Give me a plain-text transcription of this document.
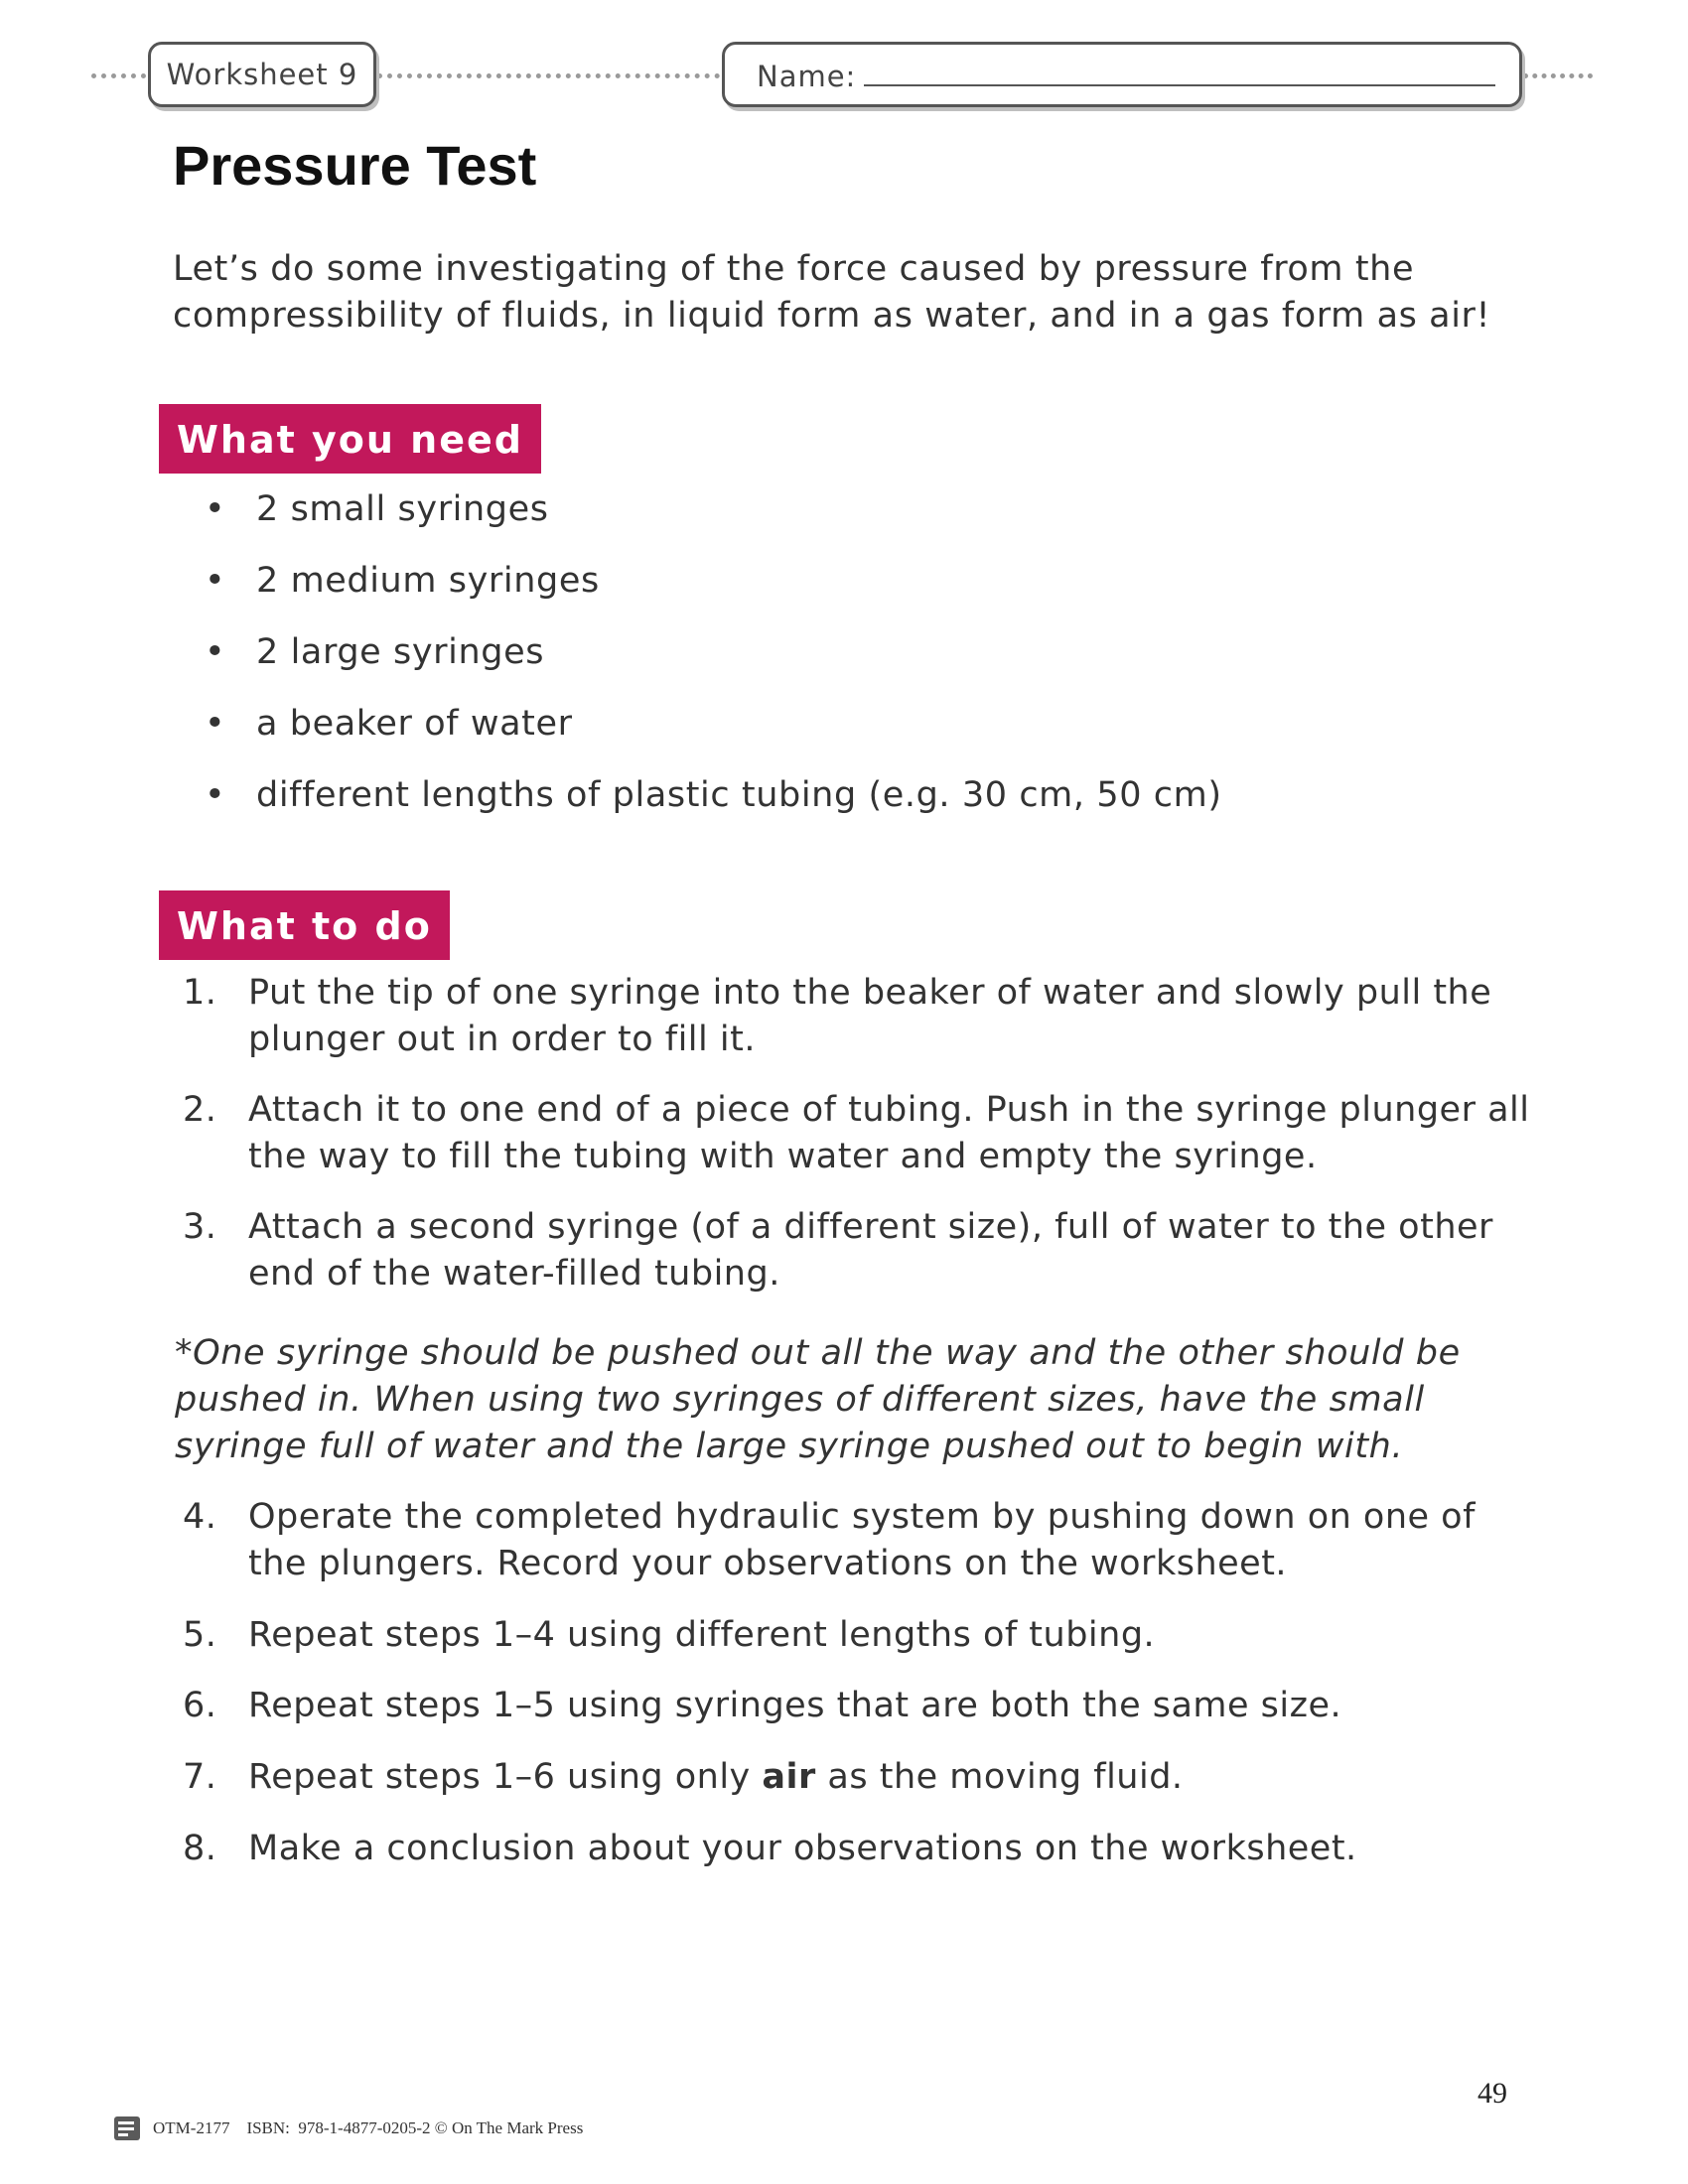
Worksheet 9	Name:
Pressure Test

Let’s do some investigating of the force caused by pressure from the compressibility of fluids, in liquid form as water, and in a gas form as air!

What you need
• 2 small syringes
• 2 medium syringes
• 2 large syringes
• a beaker of water
• different lengths of plastic tubing (e.g. 30 cm, 50 cm)
What to do
1. Put the tip of one syringe into the beaker of water and slowly pull the plunger out in order to fill it.
2. Attach it to one end of a piece of tubing. Push in the syringe plunger all the way to fill the tubing with water and empty the syringe.
3. Attach a second syringe (of a different size), full of water to the other end of the water-filled tubing.

*One syringe should be pushed out all the way and the other should be pushed in. When using two syringes of different sizes, have the small syringe full of water and the large syringe pushed out to begin with.

4. Operate the completed hydraulic system by pushing down on one of the plungers. Record your observations on the worksheet.
5. Repeat steps 1–4 using different lengths of tubing.
6. Repeat steps 1–5 using syringes that are both the same size.
7. Repeat steps 1–6 using only air as the moving fluid.
8. Make a conclusion about your observations on the worksheet.
49
OTM-2177    ISBN:  978-1-4877-0205-2 © On The Mark Press
